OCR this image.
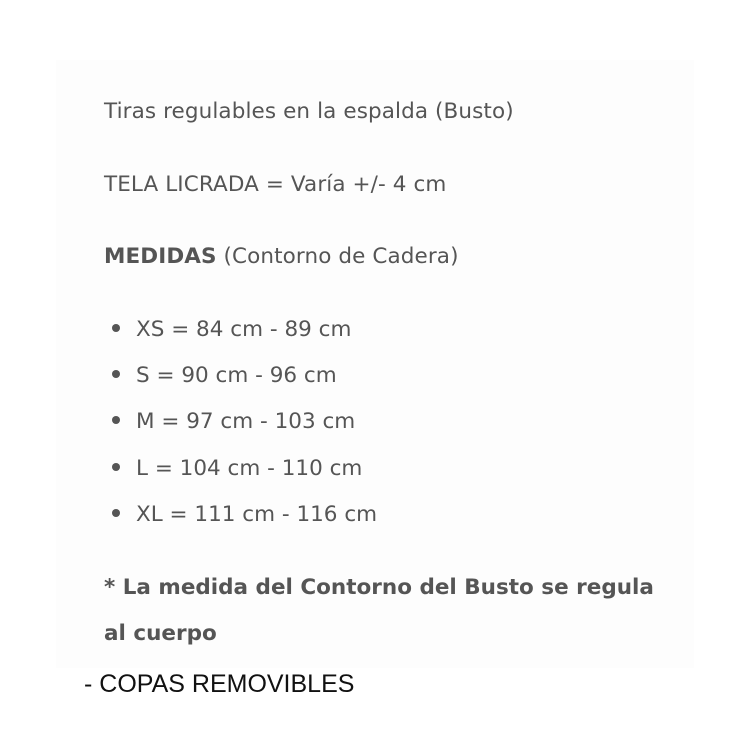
Tiras regulables en la espalda (Busto)
TELA LICRADA = Varía +/- 4 cm
MEDIDAS (Contorno de Cadera)
XS = 84 cm - 89 cm
S = 90 cm - 96 cm
M = 97 cm - 103 cm
L = 104 cm - 110 cm
XL = 111 cm - 116 cm
* La medida del Contorno del Busto se regula
al cuerpo
- COPAS REMOVIBLES
